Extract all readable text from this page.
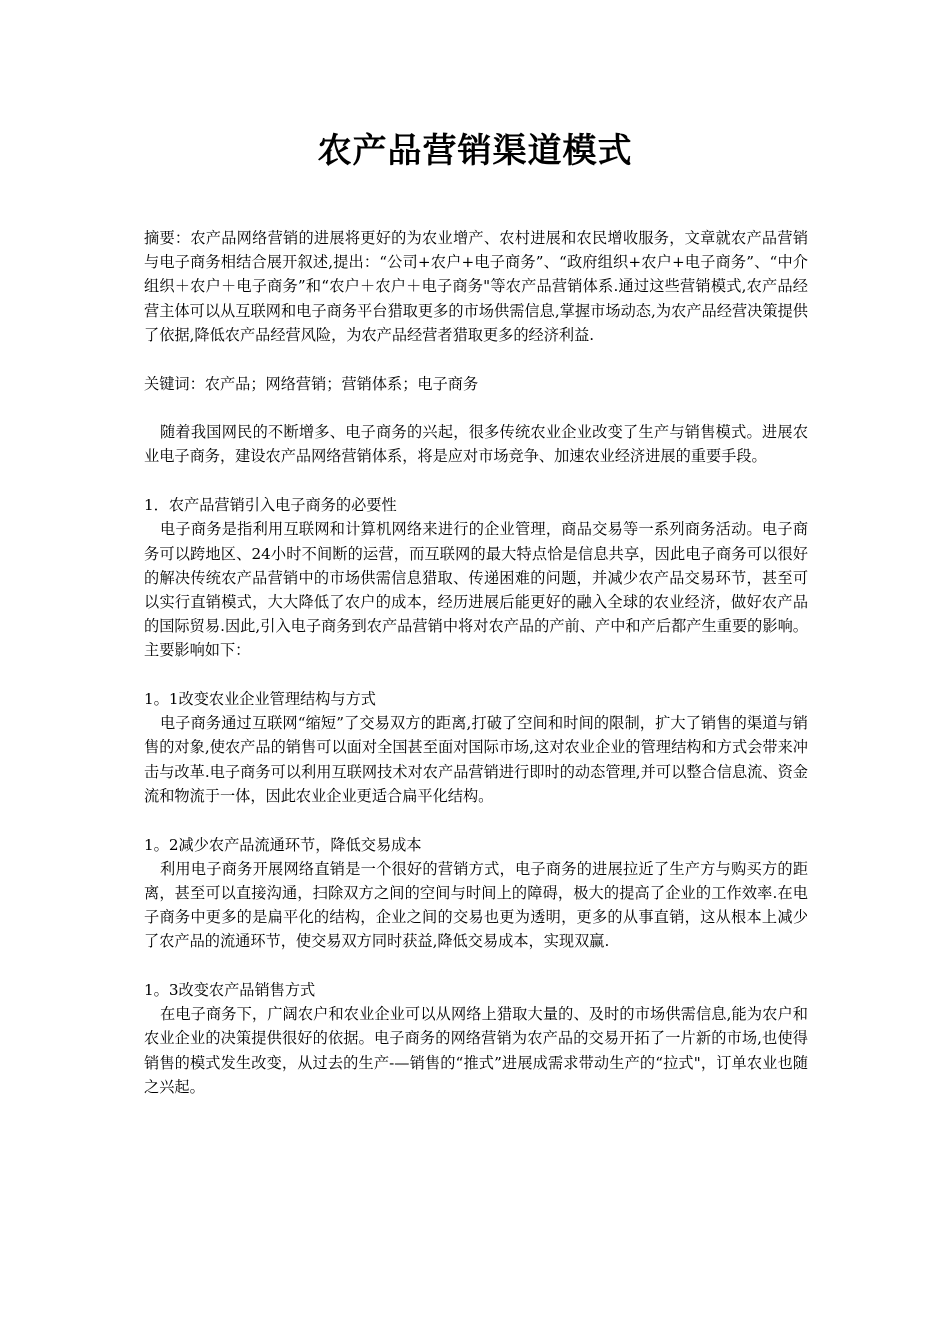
农产品营销渠道模式

摘要：农产品网络营销的进展将更好的为农业增产、农村进展和农民增收服务，文章就农产品营销与电子商务相结合展开叙述,提出：“公司+农户+电子商务”、“政府组织+农户+电子商务”、“中介组织＋农户＋电子商务”和“农户＋农户＋电子商务"等农产品营销体系.通过这些营销模式,农产品经营主体可以从互联网和电子商务平台猎取更多的市场供需信息,掌握市场动态,为农产品经营决策提供了依据,降低农产品经营风险，为农产品经营者猎取更多的经济利益.

关键词：农产品；网络营销；营销体系；电子商务

随着我国网民的不断增多、电子商务的兴起，很多传统农业企业改变了生产与销售模式。进展农业电子商务，建设农产品网络营销体系，将是应对市场竞争、加速农业经济进展的重要手段。

1．农产品营销引入电子商务的必要性

电子商务是指利用互联网和计算机网络来进行的企业管理，商品交易等一系列商务活动。电子商务可以跨地区、24小时不间断的运营，而互联网的最大特点恰是信息共享，因此电子商务可以很好的解决传统农产品营销中的市场供需信息猎取、传递困难的问题，并减少农产品交易环节，甚至可以实行直销模式，大大降低了农户的成本，经历进展后能更好的融入全球的农业经济，做好农产品的国际贸易.因此,引入电子商务到农产品营销中将对农产品的产前、产中和产后都产生重要的影响。主要影响如下：

1。1改变农业企业管理结构与方式

电子商务通过互联网“缩短”了交易双方的距离,打破了空间和时间的限制，扩大了销售的渠道与销售的对象,使农产品的销售可以面对全国甚至面对国际市场,这对农业企业的管理结构和方式会带来冲击与改革.电子商务可以利用互联网技术对农产品营销进行即时的动态管理,并可以整合信息流、资金流和物流于一体，因此农业企业更适合扁平化结构。

1。2减少农产品流通环节，降低交易成本

利用电子商务开展网络直销是一个很好的营销方式，电子商务的进展拉近了生产方与购买方的距离，甚至可以直接沟通，扫除双方之间的空间与时间上的障碍，极大的提高了企业的工作效率.在电子商务中更多的是扁平化的结构，企业之间的交易也更为透明，更多的从事直销，这从根本上减少了农产品的流通环节，使交易双方同时获益,降低交易成本，实现双赢.

1。3改变农产品销售方式

在电子商务下，广阔农户和农业企业可以从网络上猎取大量的、及时的市场供需信息,能为农户和农业企业的决策提供很好的依据。电子商务的网络营销为农产品的交易开拓了一片新的市场,也使得销售的模式发生改变，从过去的生产-—销售的“推式”进展成需求带动生产的“拉式"，订单农业也随之兴起。
